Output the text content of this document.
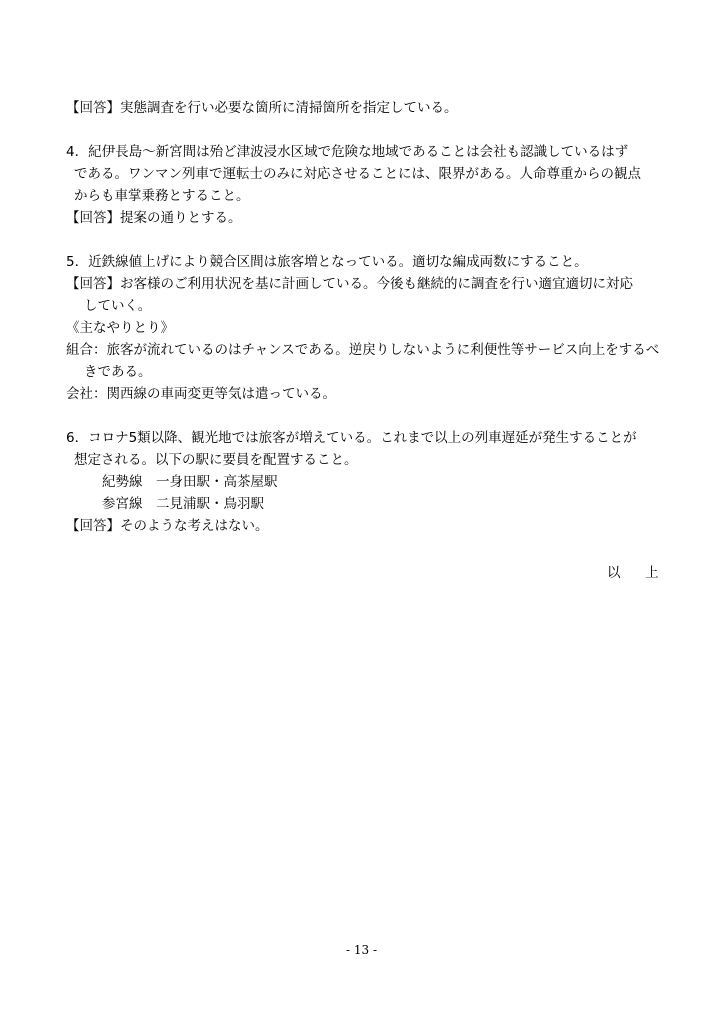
【回答】実態調査を行い必要な箇所に清掃箇所を指定している。
4．紀伊長島～新宮間は殆ど津波浸水区域で危険な地域であることは会社も認識しているはず
である。ワンマン列車で運転士のみに対応させることには、限界がある。人命尊重からの観点
からも車掌乗務とすること。
【回答】提案の通りとする。
5．近鉄線値上げにより競合区間は旅客増となっている。適切な編成両数にすること。
【回答】お客様のご利用状況を基に計画している。今後も継続的に調査を行い適宜適切に対応
していく。
《主なやりとり》
組合：旅客が流れているのはチャンスである。逆戻りしないように利便性等サービス向上をするべ
きである。
会社：関西線の車両変更等気は遣っている。
6．コロナ5類以降、観光地では旅客が増えている。これまで以上の列車遅延が発生することが
想定される。以下の駅に要員を配置すること。
紀勢線　一身田駅・高茶屋駅
参宮線　二見浦駅・鳥羽駅
【回答】そのような考えはない。
以 上
- 13 -
